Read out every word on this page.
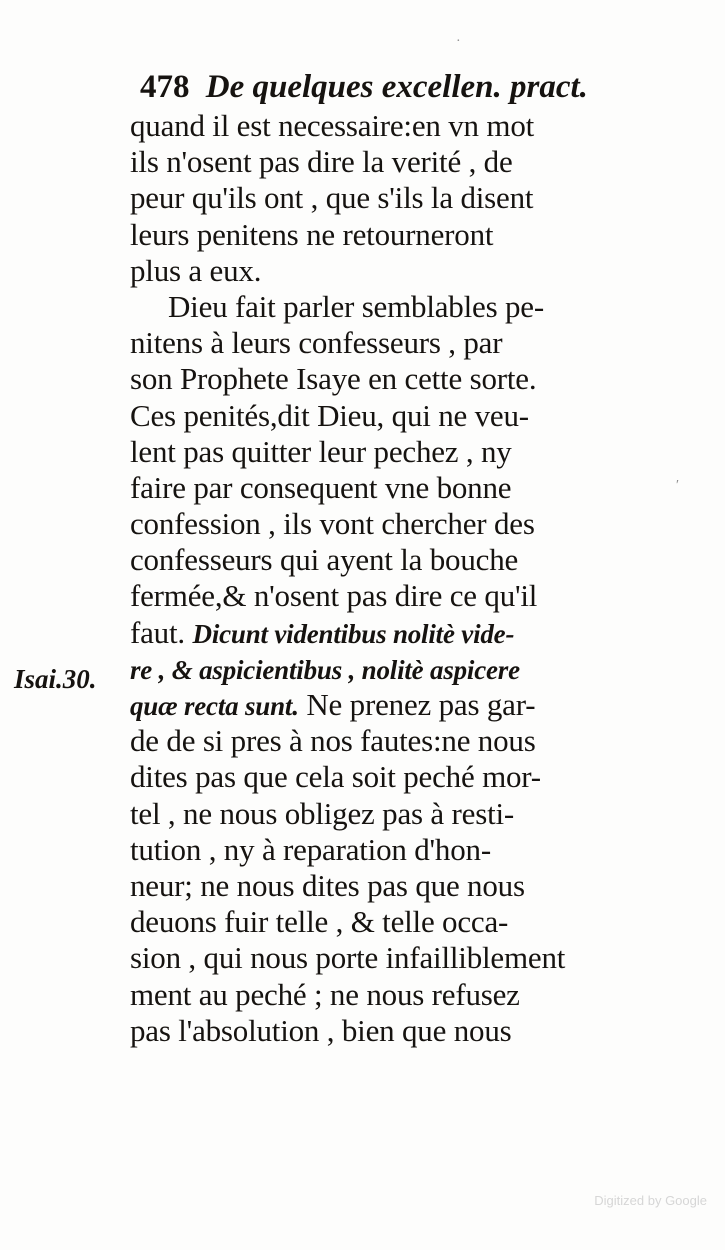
478 De quelques excellen. pract.
Isai.30.
quand il est necessaire:en vn mot
ils n'osent pas dire la verité , de
peur qu'ils ont , que s'ils la disent
leurs penitens ne retourneront
plus a eux.
Dieu fait parler semblables pe-
nitens à leurs confesseurs , par
son Prophete Isaye en cette sorte.
Ces penités,dit Dieu, qui ne veu-
lent pas quitter leur pechez , ny
faire par consequent vne bonne
confession , ils vont chercher des
confesseurs qui ayent la bouche
fermée,& n'osent pas dire ce qu'il
faut. Dicunt videntibus nolitè vide-
re , & aspicientibus , nolitè aspicere
quæ recta sunt. Ne prenez pas gar-
de de si pres à nos fautes:ne nous
dites pas que cela soit peché mor-
tel , ne nous obligez pas à resti-
tution , ny à reparation d'hon-
neur; ne nous dites pas que nous
deuons fuir telle , & telle occa-
sion , qui nous porte infailliblement
ment au peché ; ne nous refusez
pas l'absolution , bien que nous
·
′
Digitized by Google
